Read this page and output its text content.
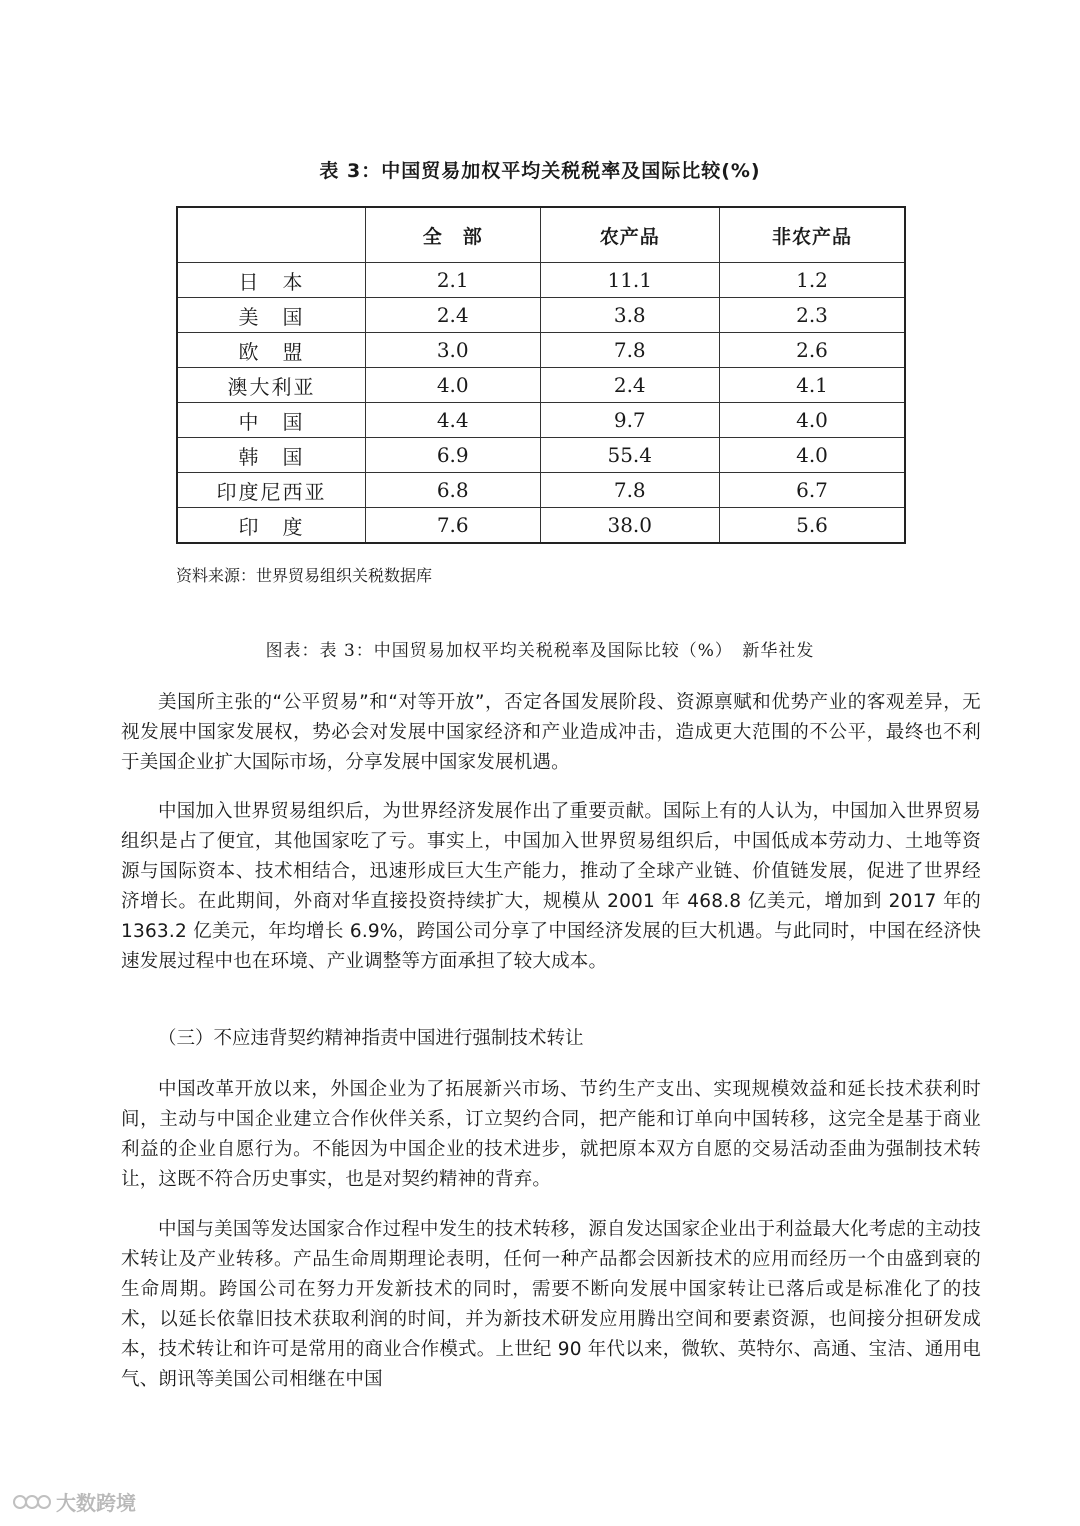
表 3：中国贸易加权平均关税税率及国际比较(%)
	全　部	农产品	非农产品
日　本	2.1	11.1	1.2
美　国	2.4	3.8	2.3
欧　盟	3.0	7.8	2.6
澳大利亚	4.0	2.4	4.1
中　国	4.4	9.7	4.0
韩　国	6.9	55.4	4.0
印度尼西亚	6.8	7.8	6.7
印　度	7.6	38.0	5.6
资料来源：世界贸易组织关税数据库
图表：表 3：中国贸易加权平均关税税率及国际比较（%）　新华社发

美国所主张的“公平贸易”和“对等开放”，否定各国发展阶段、资源禀赋和优势产业的客观差异，无视发展中国家发展权，势必会对发展中国家经济和产业造成冲击，造成更大范围的不公平，最终也不利于美国企业扩大国际市场，分享发展中国家发展机遇。

中国加入世界贸易组织后，为世界经济发展作出了重要贡献。国际上有的人认为，中国加入世界贸易组织是占了便宜，其他国家吃了亏。事实上，中国加入世界贸易组织后，中国低成本劳动力、土地等资源与国际资本、技术相结合，迅速形成巨大生产能力，推动了全球产业链、价值链发展，促进了世界经济增长。在此期间，外商对华直接投资持续扩大，规模从 2001 年 468.8 亿美元，增加到 2017 年的 1363.2 亿美元，年均增长 6.9%，跨国公司分享了中国经济发展的巨大机遇。与此同时，中国在经济快速发展过程中也在环境、产业调整等方面承担了较大成本。

（三）不应违背契约精神指责中国进行强制技术转让

中国改革开放以来，外国企业为了拓展新兴市场、节约生产支出、实现规模效益和延长技术获利时间，主动与中国企业建立合作伙伴关系，订立契约合同，把产能和订单向中国转移，这完全是基于商业利益的企业自愿行为。不能因为中国企业的技术进步，就把原本双方自愿的交易活动歪曲为强制技术转让，这既不符合历史事实，也是对契约精神的背弃。

中国与美国等发达国家合作过程中发生的技术转移，源自发达国家企业出于利益最大化考虑的主动技术转让及产业转移。产品生命周期理论表明，任何一种产品都会因新技术的应用而经历一个由盛到衰的生命周期。跨国公司在努力开发新技术的同时，需要不断向发展中国家转让已落后或是标准化了的技术，以延长依靠旧技术获取利润的时间，并为新技术研发应用腾出空间和要素资源，也间接分担研发成本，技术转让和许可是常用的商业合作模式。上世纪 90 年代以来，微软、英特尔、高通、宝洁、通用电气、朗讯等美国公司相继在中国

大数跨境
